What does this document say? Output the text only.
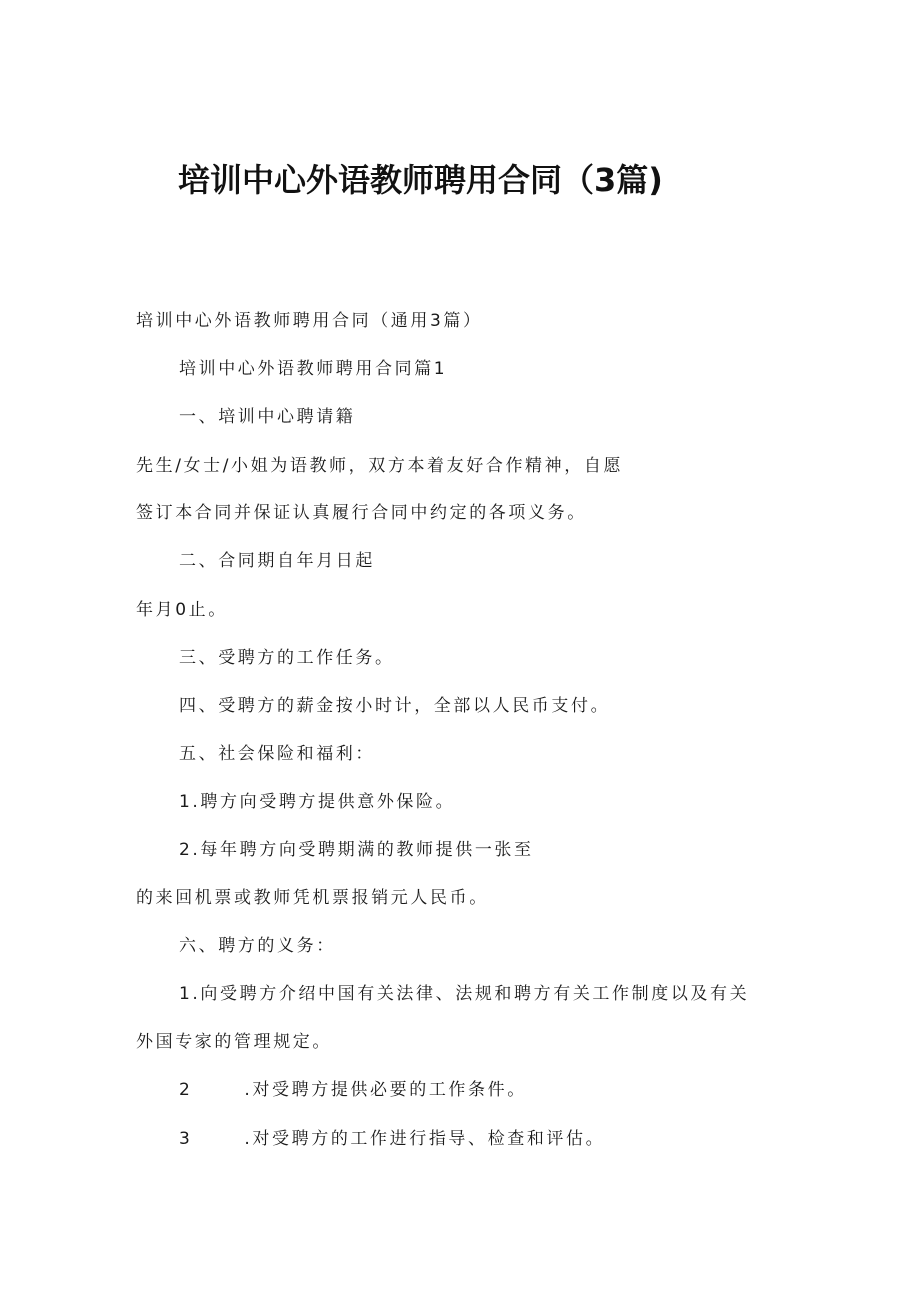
培训中心外语教师聘用合同（3篇)
培训中心外语教师聘用合同（通用3篇）
培训中心外语教师聘用合同篇1
一、培训中心聘请籍
先生/女士/小姐为语教师，双方本着友好合作精神，自愿
签订本合同并保证认真履行合同中约定的各项义务。
二、合同期自年月日起
年月0止。
三、受聘方的工作任务。
四、受聘方的薪金按小时计，全部以人民币支付。
五、社会保险和福利：
1.聘方向受聘方提供意外保险。
2.每年聘方向受聘期满的教师提供一张至
的来回机票或教师凭机票报销元人民币。
六、聘方的义务：
1.向受聘方介绍中国有关法律、法规和聘方有关工作制度以及有关
外国专家的管理规定。
2	.对受聘方提供必要的工作条件。
3	.对受聘方的工作进行指导、检查和评估。
